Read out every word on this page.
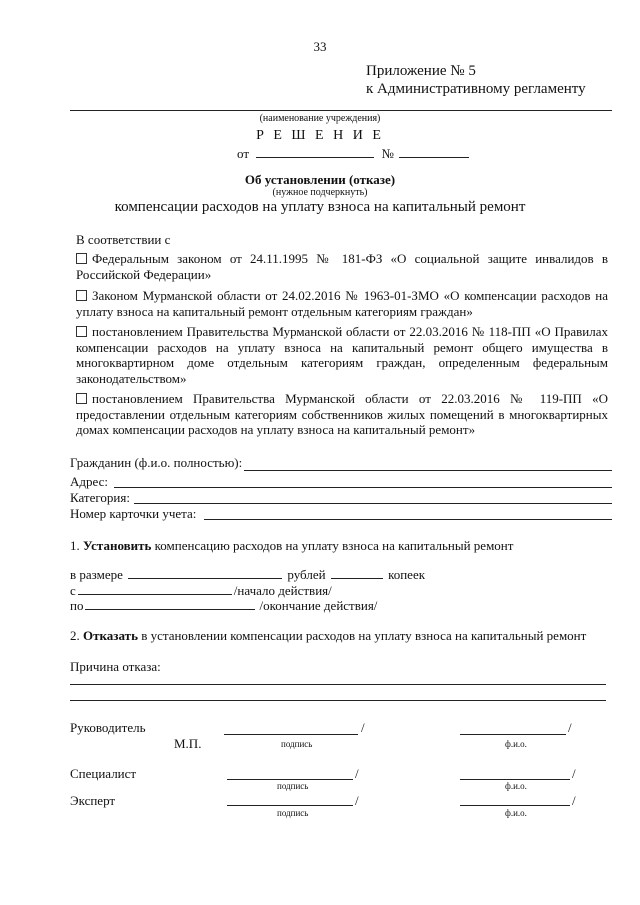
33
Приложение № 5
к Административному регламенту
(наименование учреждения)
Р Е Ш Е Н И Е
от	№
Об установлении (отказе)
(нужное подчеркнуть)
компенсации расходов на уплату взноса на капитальный ремонт
В соответствии с
Федеральным законом от 24.11.1995 № 181-ФЗ «О социальной защите инвалидов в Российской Федерации»
Законом Мурманской области от 24.02.2016 № 1963-01-ЗМО «О компенсации расходов на уплату взноса на капитальный ремонт отдельным категориям граждан»
постановлением Правительства Мурманской области от 22.03.2016 № 118-ПП «О Правилах компенсации расходов на уплату взноса на капитальный ремонт общего имущества в многоквартирном доме отдельным категориям граждан, определенным федеральным законодательством»
постановлением Правительства Мурманской области от 22.03.2016 № 119-ПП «О предоставлении отдельным категориям собственников жилых помещений в многоквартирных домах компенсации расходов на уплату взноса на капитальный ремонт»
Гражданин (ф.и.о. полностью):
Адрес:
Категория:
Номер карточки учета:
1. Установить компенсацию расходов на уплату взноса на капитальный ремонт
в размере	рублей	копеек
с	/начало действия/
по	/окончание действия/
2. Отказать в установлении компенсации расходов на уплату взноса на капитальный ремонт
Причина отказа:
Руководитель	/	/
М.П.	подпись	ф.и.о.
Специалист	/	/
подпись	ф.и.о.
Эксперт	/	/
подпись	ф.и.о.
